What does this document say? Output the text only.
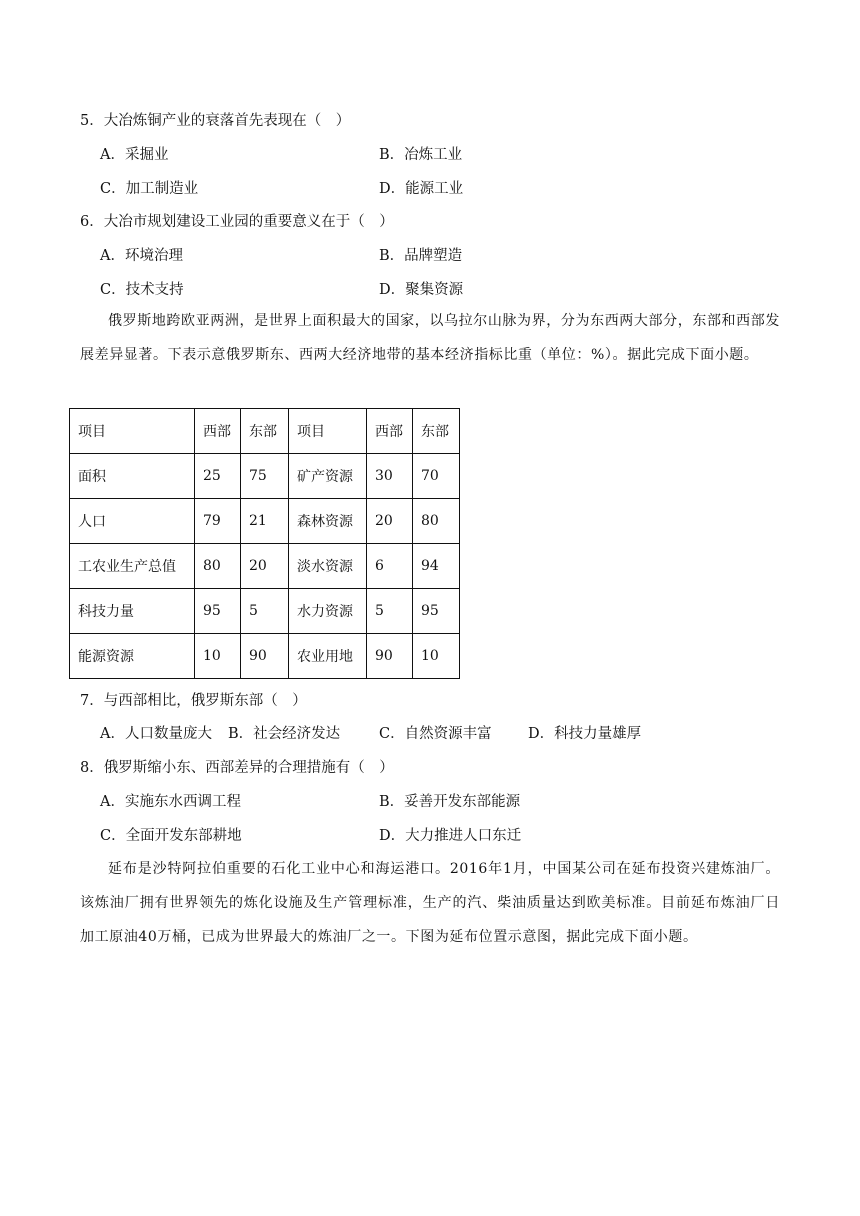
5．大冶炼铜产业的衰落首先表现在（　）
A．采掘业	B．冶炼工业
C．加工制造业	D．能源工业
6．大冶市规划建设工业园的重要意义在于（　）
A．环境治理	B．品牌塑造
C．技术支持	D．聚集资源
俄罗斯地跨欧亚两洲，是世界上面积最大的国家，以乌拉尔山脉为界，分为东西两大部分，东部和西部发展差异显著。下表示意俄罗斯东、西两大经济地带的基本经济指标比重（单位：%）。据此完成下面小题。
项目	西部	东部	项目	西部	东部
面积	25	75	矿产资源	30	70
人口	79	21	森林资源	20	80
工农业生产总值	80	20	淡水资源	6	94
科技力量	95	5	水力资源	5	95
能源资源	10	90	农业用地	90	10
7．与西部相比，俄罗斯东部（　）
A．人口数量庞大 B．社会经济发达	C．自然资源丰富	D．科技力量雄厚
8．俄罗斯缩小东、西部差异的合理措施有（　）
A．实施东水西调工程	B．妥善开发东部能源
C．全面开发东部耕地	D．大力推进人口东迁
延布是沙特阿拉伯重要的石化工业中心和海运港口。2016年1月，中国某公司在延布投资兴建炼油厂。该炼油厂拥有世界领先的炼化设施及生产管理标准，生产的汽、柴油质量达到欧美标准。目前延布炼油厂日加工原油40万桶，已成为世界最大的炼油厂之一。下图为延布位置示意图，据此完成下面小题。
